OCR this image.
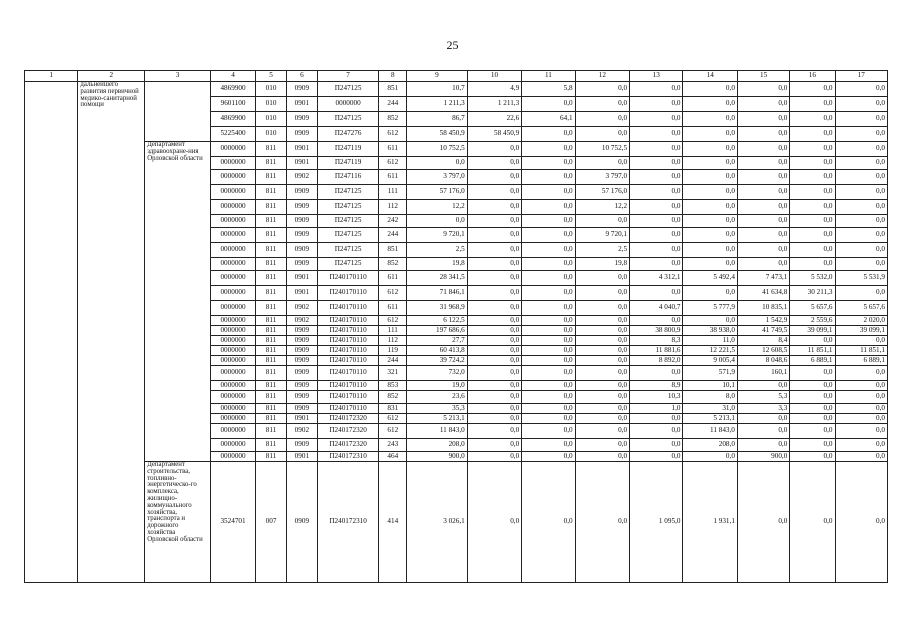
25
1	2	3	4	5	6	7	8	9	10	11	12	13	14	15	16	17
	дальнейшего развития первичной медико-санитарной помощи		4869900	010	0909	П247125	851	10,7	4,9	5,8	0,0	0,0	0,0	0,0	0,0	0,0
			9601100	010	0901	0000000	244	1 211,3	1 211,3	0,0	0,0	0,0	0,0	0,0	0,0	0,0
			4869900	010	0909	П247125	852	86,7	22,6	64,1	0,0	0,0	0,0	0,0	0,0	0,0
			5225400	010	0909	П247276	612	58 450,9	58 450,9	0,0	0,0	0,0	0,0	0,0	0,0	0,0
		Департамент здравоохране-ния Орловской области	0000000	811	0901	П247119	611	10 752,5	0,0	0,0	10 752,5	0,0	0,0	0,0	0,0	0,0
			0000000	811	0901	П247119	612	0,0	0,0	0,0	0,0	0,0	0,0	0,0	0,0	0,0
			0000000	811	0902	П247116	611	3 797,0	0,0	0,0	3 797,0	0,0	0,0	0,0	0,0	0,0
			0000000	811	0909	П247125	111	57 176,0	0,0	0,0	57 176,0	0,0	0,0	0,0	0,0	0,0
			0000000	811	0909	П247125	112	12,2	0,0	0,0	12,2	0,0	0,0	0,0	0,0	0,0
			0000000	811	0909	П247125	242	0,0	0,0	0,0	0,0	0,0	0,0	0,0	0,0	0,0
			0000000	811	0909	П247125	244	9 720,1	0,0	0,0	9 720,1	0,0	0,0	0,0	0,0	0,0
			0000000	811	0909	П247125	851	2,5	0,0	0,0	2,5	0,0	0,0	0,0	0,0	0,0
			0000000	811	0909	П247125	852	19,8	0,0	0,0	19,8	0,0	0,0	0,0	0,0	0,0
			0000000	811	0901	П240170110	611	28 341,5	0,0	0,0	0,0	4 312,1	5 492,4	7 473,1	5 532,0	5 531,9
			0000000	811	0901	П240170110	612	71 846,1	0,0	0,0	0,0	0,0	0,0	41 634,8	30 211,3	0,0
			0000000	811	0902	П240170110	611	31 968,9	0,0	0,0	0,0	4 040,7	5 777,9	10 835,1	5 657,6	5 657,6
			0000000	811	0902	П240170110	612	6 122,5	0,0	0,0	0,0	0,0	0,0	1 542,9	2 559,6	2 020,0
			0000000	811	0909	П240170110	111	197 686,6	0,0	0,0	0,0	38 800,9	38 938,0	41 749,5	39 099,1	39 099,1
			0000000	811	0909	П240170110	112	27,7	0,0	0,0	0,0	8,3	11,0	8,4	0,0	0,0
			0000000	811	0909	П240170110	119	60 413,8	0,0	0,0	0,0	11 881,6	12 221,5	12 608,5	11 851,1	11 851,1
			0000000	811	0909	П240170110	244	39 724,2	0,0	0,0	0,0	8 892,0	9 005,4	8 048,6	6 889,1	6 889,1
			0000000	811	0909	П240170110	321	732,0	0,0	0,0	0,0	0,0	571,9	160,1	0,0	0,0
			0000000	811	0909	П240170110	853	19,0	0,0	0,0	0,0	8,9	10,1	0,0	0,0	0,0
			0000000	811	0909	П240170110	852	23,6	0,0	0,0	0,0	10,3	8,0	5,3	0,0	0,0
			0000000	811	0909	П240170110	831	35,3	0,0	0,0	0,0	1,0	31,0	3,3	0,0	0,0
			0000000	811	0901	П240172320	612	5 213,1	0,0	0,0	0,0	0,0	5 213,1	0,0	0,0	0,0
			0000000	811	0902	П240172320	612	11 843,0	0,0	0,0	0,0	0,0	11 843,0	0,0	0,0	0,0
			0000000	811	0909	П240172320	243	208,0	0,0	0,0	0,0	0,0	208,0	0,0	0,0	0,0
			0000000	811	0901	П240172310	464	900,0	0,0	0,0	0,0	0,0	0,0	900,0	0,0	0,0
		Департамент строительства, топливно-энергетическо-го комплекса, жилищно-коммунального хозяйства, транспорта и дорожного хозяйства Орловской области	3524701	007	0909	П240172310	414	3 026,1	0,0	0,0	0,0	1 095,0	1 931,1	0,0	0,0	0,0
